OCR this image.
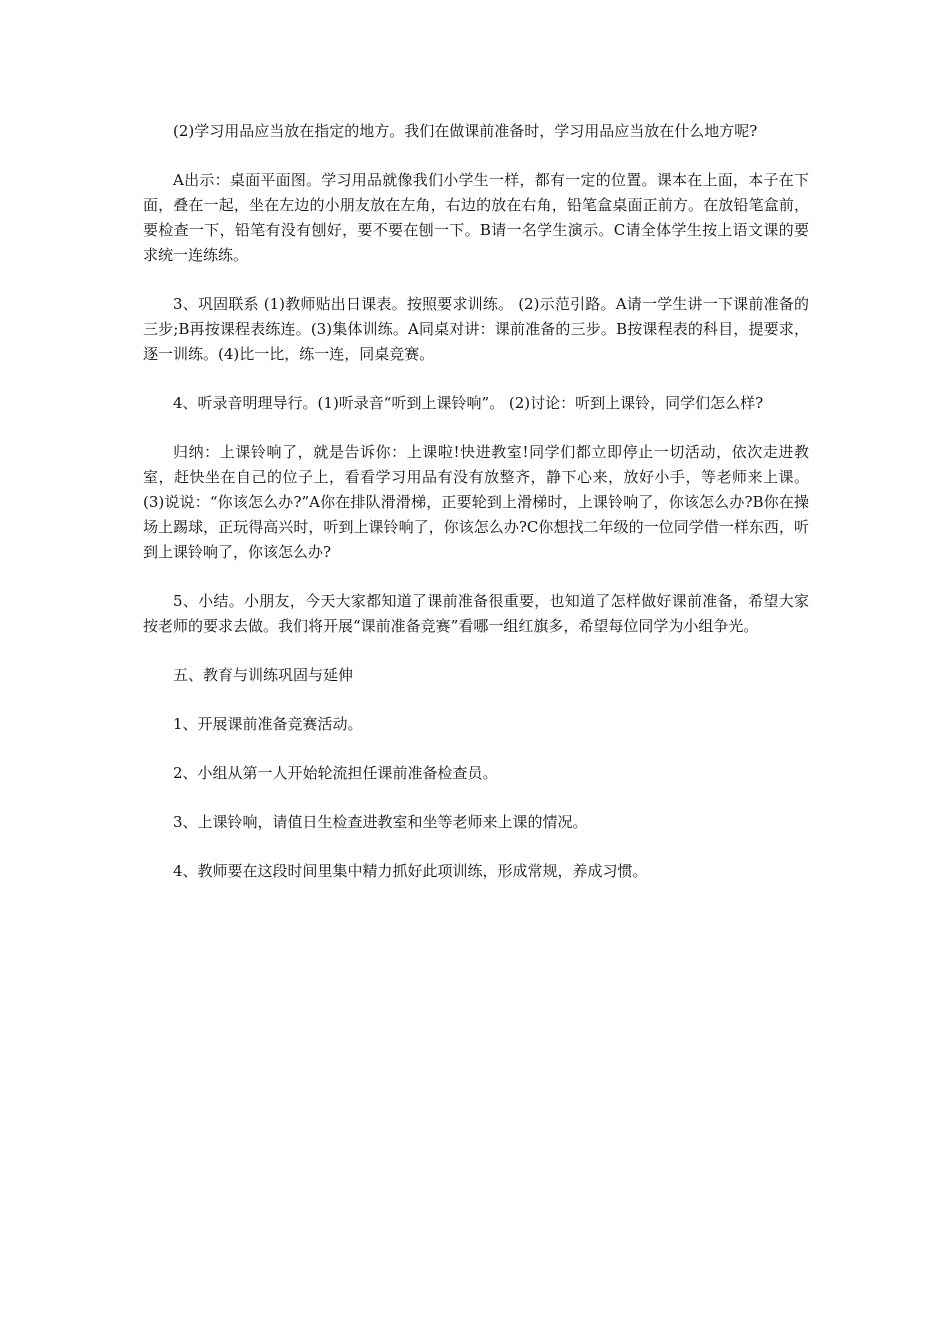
(2)学习用品应当放在指定的地方。我们在做课前准备时，学习用品应当放在什么地方呢?

A出示：桌面平面图。学习用品就像我们小学生一样，都有一定的位置。课本在上面，本子在下面，叠在一起，坐在左边的小朋友放在左角，右边的放在右角，铅笔盒桌面正前方。在放铅笔盒前，要检查一下，铅笔有没有刨好，要不要在刨一下。B请一名学生演示。C请全体学生按上语文课的要求统一连练练。

3、巩固联系 (1)教师贴出日课表。按照要求训练。 (2)示范引路。A请一学生讲一下课前准备的三步;B再按课程表练连。(3)集体训练。A同桌对讲：课前准备的三步。B按课程表的科目，提要求，逐一训练。(4)比一比，练一连，同桌竞赛。

4、听录音明理导行。(1)听录音“听到上课铃响”。 (2)讨论：听到上课铃，同学们怎么样?

归纳：上课铃响了，就是告诉你：上课啦!快进教室!同学们都立即停止一切活动，依次走进教室，赶快坐在自己的位子上，看看学习用品有没有放整齐，静下心来，放好小手，等老师来上课。(3)说说：“你该怎么办?”A你在排队滑滑梯，正要轮到上滑梯时，上课铃响了，你该怎么办?B你在操场上踢球，正玩得高兴时，听到上课铃响了，你该怎么办?C你想找二年级的一位同学借一样东西，听到上课铃响了，你该怎么办?

5、小结。小朋友，今天大家都知道了课前准备很重要，也知道了怎样做好课前准备，希望大家按老师的要求去做。我们将开展“课前准备竞赛”看哪一组红旗多，希望每位同学为小组争光。

五、教育与训练巩固与延伸

1、开展课前准备竞赛活动。

2、小组从第一人开始轮流担任课前准备检查员。

3、上课铃响，请值日生检查进教室和坐等老师来上课的情况。

4、教师要在这段时间里集中精力抓好此项训练，形成常规，养成习惯。
